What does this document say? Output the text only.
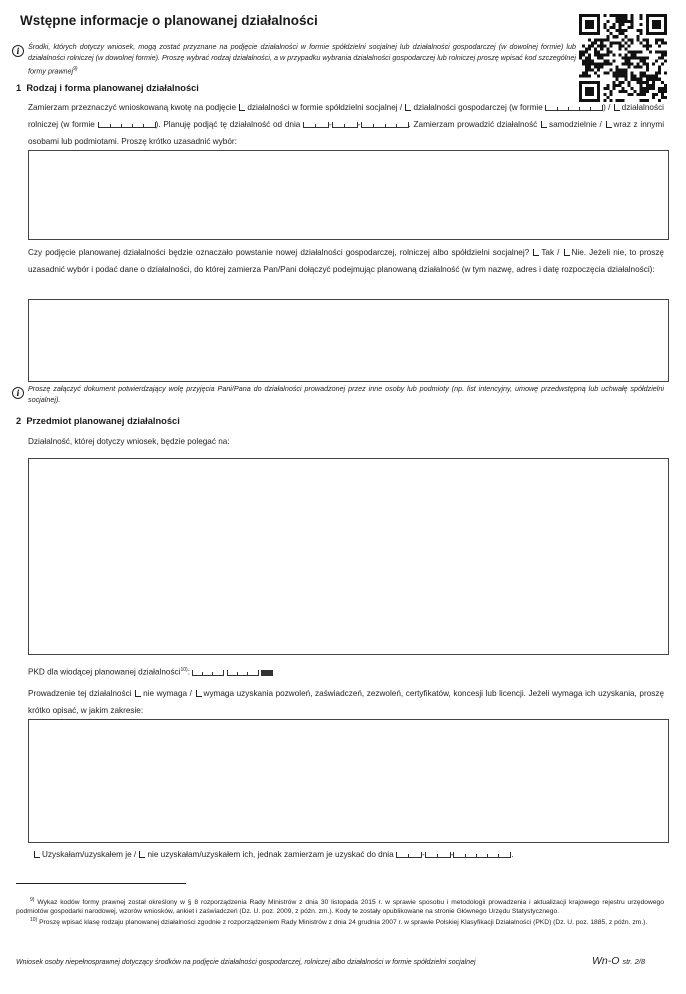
Wstępne informacje o planowanej działalności
i	Środki, których dotyczy wniosek, mogą zostać przyznane na podjęcie działalności w formie spółdzielni socjalnej lub działalności gospodarczej (w dowolnej formie) lub działalności rolniczej (w dowolnej formie). Proszę wybrać rodzaj działalności, a w przypadku wybrania działalności gospodarczej lub rolniczej proszę wpisać kod szczególnej formy prawnej$^{9)}$
1 Rodzaj i forma planowanej działalności
Zamierzam przeznaczyć wnioskowaną kwotę na podjęcie działalności w formie spółdzielni socjalnej / działalności gospodarczej (w formie	) / działalności rolniczej (w formie	). Planuję podjąć tę działalność od dnia	-	-	. Zamierzam prowadzić działalność samodzielnie / wraz z innymi osobami lub podmiotami. Proszę krótko uzasadnić wybór:
Czy podjęcie planowanej działalności będzie oznaczało powstanie nowej działalności gospodarczej, rolniczej albo spółdzielni socjalnej? Tak / Nie. Jeżeli nie, to proszę uzasadnić wybór i podać dane o działalności, do której zamierza Pan/Pani dołączyć podejmując planowaną działalność (w tym nazwę, adres i datę rozpoczęcia działalności):
i	Proszę załączyć dokument potwierdzający wolę przyjęcia Pani/Pana do działalności prowadzonej przez inne osoby lub podmioty (np. list intencyjny, umowę przedwstępną lub uchwałę spółdzielni socjalnej).
2 Przedmiot planowanej działalności
Działalność, której dotyczy wniosek, będzie polegać na:
PKD dla wiodącej planowanej działalności$^{10)}$:
Prowadzenie tej działalności nie wymaga / wymaga uzyskania pozwoleń, zaświadczeń, zezwoleń, certyfikatów, koncesji lub licencji. Jeżeli wymaga ich uzyskania, proszę krótko opisać, w jakim zakresie:
Uzyskałam/uzyskałem je / nie uzyskałam/uzyskałem ich, jednak zamierzam je uzyskać do dnia	-	-	.
$^{9)}$ Wykaz kodów formy prawnej został określony w § 8 rozporządzenia Rady Ministrów z dnia 30 listopada 2015 r. w sprawie sposobu i metodologii prowadzenia i aktualizacji krajowego rejestru urzędowego podmiotów gospodarki narodowej, wzorów wniosków, ankiet i zaświadczeń (Dz. U. poz. 2009, z późn. zm.). Kody te zostały opublikowane na stronie Głównego Urzędu Statystycznego.
$^{10)}$ Proszę wpisać klasę rodzaju planowanej działalności zgodnie z rozporządzeniem Rady Ministrów z dnia 24 grudnia 2007 r. w sprawie Polskiej Klasyfikacji Działalności (PKD) (Dz. U. poz. 1885, z późn. zm.).
Wniosek osoby niepełnosprawnej dotyczący środków na podjęcie działalności gospodarczej, rolniczej albo działalności w formie spółdzielni socjalnej	Wn-O str. 2/8
